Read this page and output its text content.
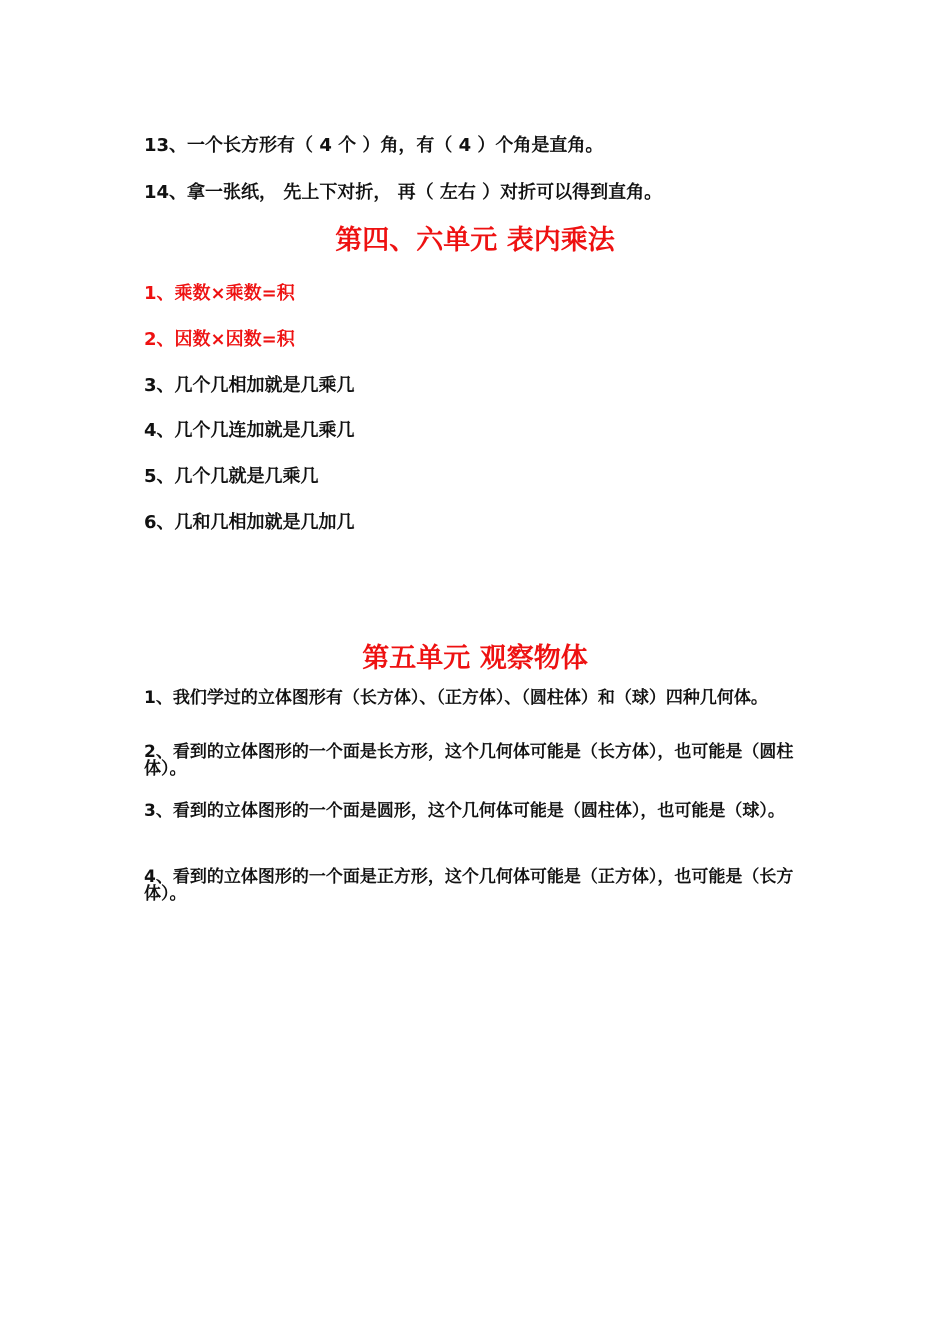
13、一个长方形有（ 4 个 ）角，有（ 4 ）个角是直角。

14、拿一张纸， 先上下对折， 再（ 左右 ）对折可以得到直角。

第四、六单元 表内乘法

1、乘数×乘数=积

2、因数×因数=积

3、几个几相加就是几乘几

4、几个几连加就是几乘几

5、几个几就是几乘几

6、几和几相加就是几加几

第五单元 观察物体

1、我们学过的立体图形有（长方体）、（正方体）、（圆柱体）和（球）四种几何体。

2、看到的立体图形的一个面是长方形，这个几何体可能是（长方体），也可能是（圆柱体）。

3、看到的立体图形的一个面是圆形，这个几何体可能是（圆柱体），也可能是（球）。

4、看到的立体图形的一个面是正方形，这个几何体可能是（正方体），也可能是（长方体）。
